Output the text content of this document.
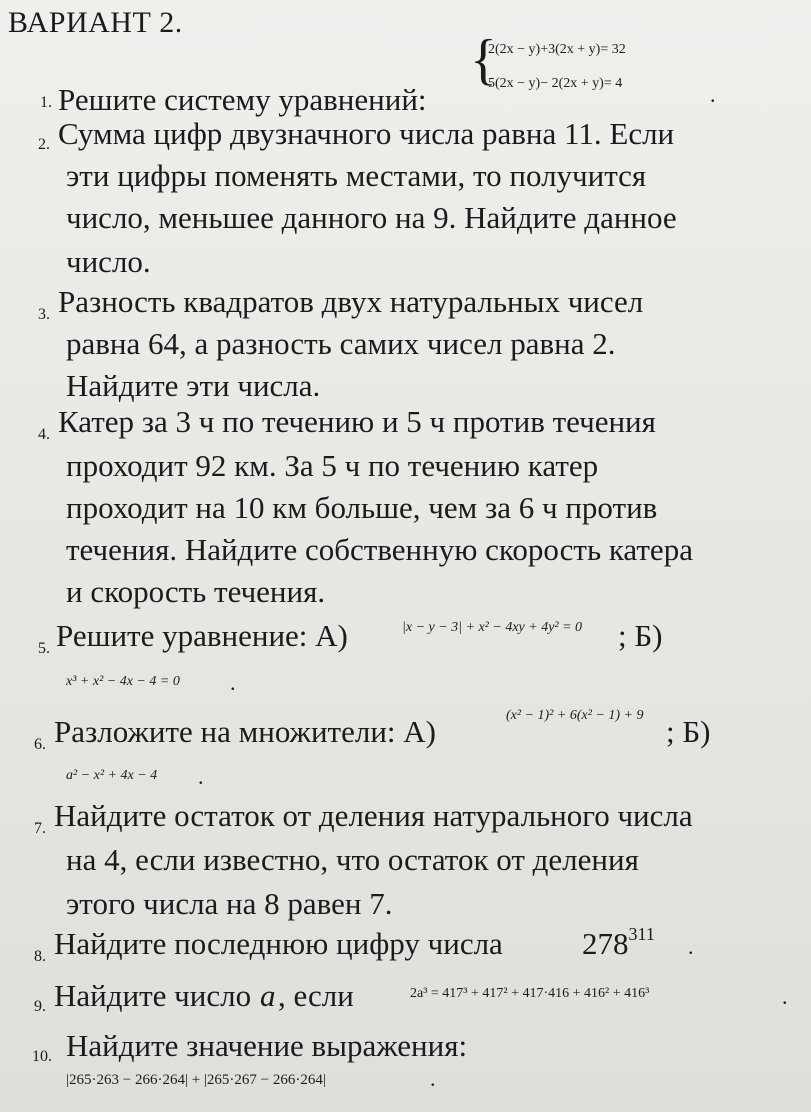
ВАРИАНТ 2.
1. Решите систему уравнений:
{
2(2x − y)+3(2x + y)= 32
5(2x − y)− 2(2x + y)= 4	.
2. Сумма цифр двузначного числа равна 11. Если
эти цифры поменять местами, то получится
число, меньшее данного на 9. Найдите данное
число.
3. Разность квадратов двух натуральных чисел
равна 64, а разность самих чисел равна 2.
Найдите эти числа.
4. Катер за 3 ч по течению и 5 ч против течения
проходит 92 км. За 5 ч по течению катер
проходит на 10 км больше, чем за 6 ч против
течения. Найдите собственную скорость катера
и скорость течения.
5. Решите уравнение: А)	|x − y − 3| + x² − 4xy + 4y² = 0 ; Б)
x³ + x² − 4x − 4 = 0 .
6. Разложите на множители: А)	(x² − 1)² + 6(x² − 1) + 9 ; Б)
a² − x² + 4x − 4 .
7. Найдите остаток от деления натурального числа
на 4, если известно, что остаток от деления
этого числа на 8 равен 7.
8. Найдите последнюю цифру числа	$278^{311}$ .
9. Найдите число a , если	2a³ = 417³ + 417² + 417·416 + 416² + 416³	.
10. Найдите значение выражения:
|265·263 − 266·264| + |265·267 − 266·264|	.
